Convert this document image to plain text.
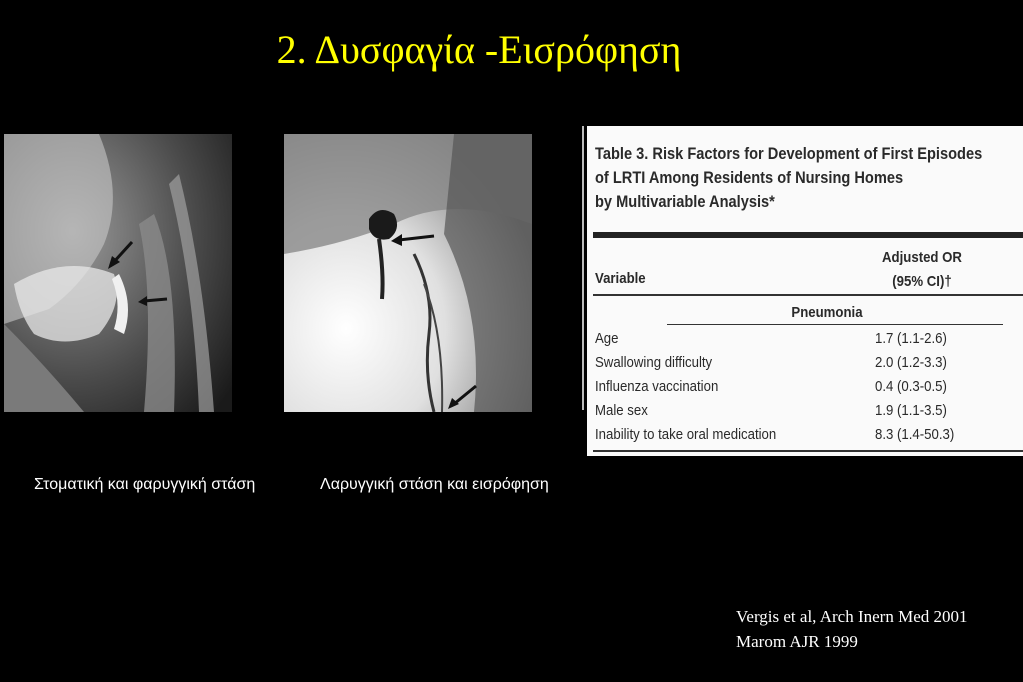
2. Δυσφαγία -Εισρόφηση
Στοματική και φαρυγγική στάση	Λαρυγγική στάση και εισρόφηση
Table 3. Risk Factors for Development of First Episodes
of LRTI Among Residents of Nursing Homes
by Multivariable Analysis*
Adjusted OR
(95% CI)†
Variable
Pneumonia
Age	1.7 (1.1-2.6)
Swallowing difficulty	2.0 (1.2-3.3)
Influenza vaccination	0.4 (0.3-0.5)
Male sex	1.9 (1.1-3.5)
Inability to take oral medication	8.3 (1.4-50.3)
Vergis et al, Arch Inern Med 2001
Marom AJR 1999
